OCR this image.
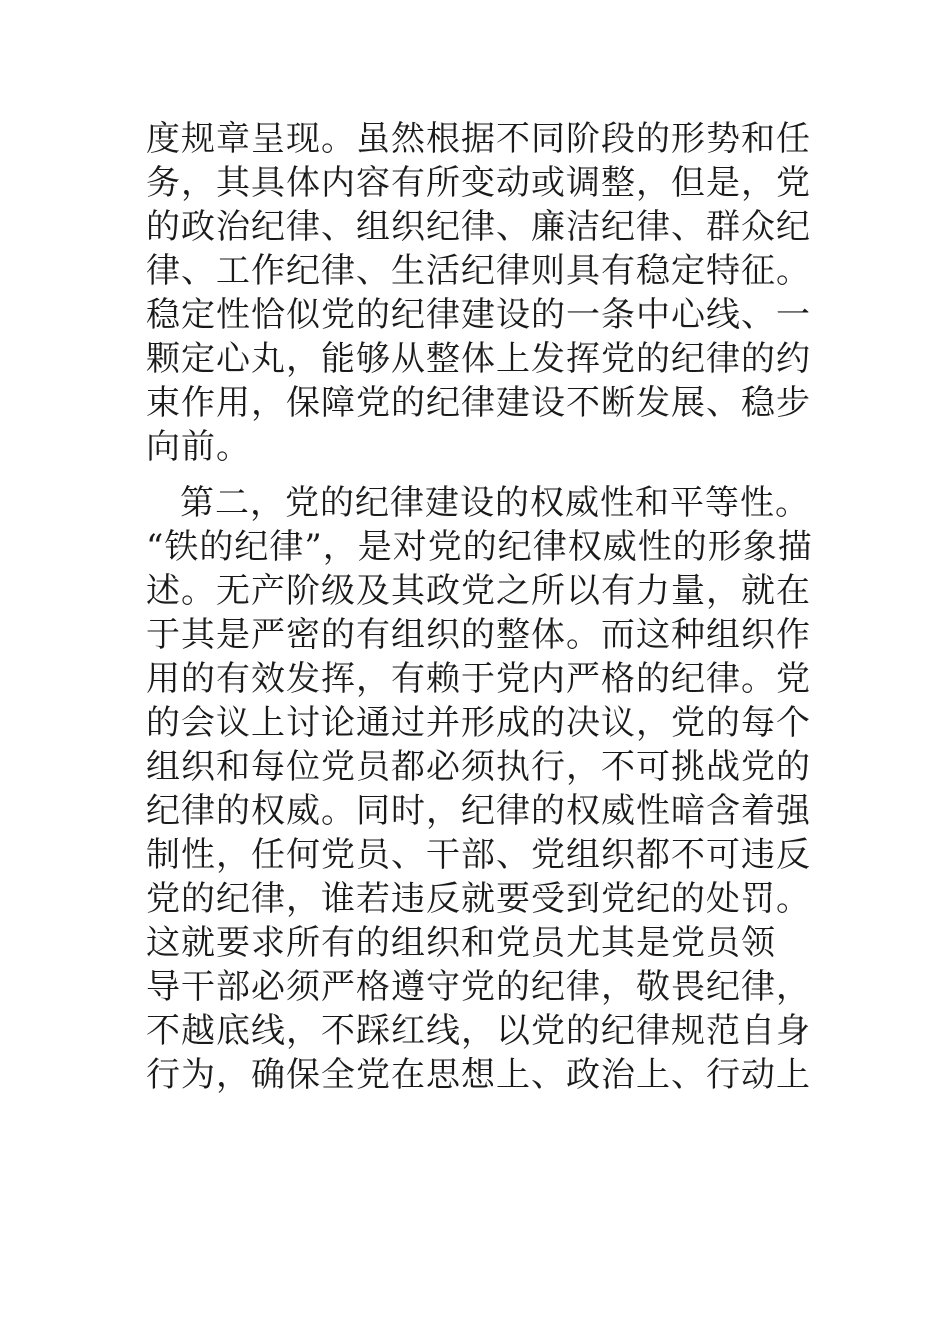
度规章呈现。虽然根据不同阶段的形势和任
务，其具体内容有所变动或调整，但是，党
的政治纪律、组织纪律、廉洁纪律、群众纪
律、工作纪律、生活纪律则具有稳定特征。
稳定性恰似党的纪律建设的一条中心线、一
颗定心丸，能够从整体上发挥党的纪律的约
束作用，保障党的纪律建设不断发展、稳步
向前。

第二，党的纪律建设的权威性和平等性。
“铁的纪律”，是对党的纪律权威性的形象描
述。无产阶级及其政党之所以有力量，就在
于其是严密的有组织的整体。而这种组织作
用的有效发挥，有赖于党内严格的纪律。党
的会议上讨论通过并形成的决议，党的每个
组织和每位党员都必须执行，不可挑战党的
纪律的权威。同时，纪律的权威性暗含着强
制性，任何党员、干部、党组织都不可违反
党的纪律，谁若违反就要受到党纪的处罚。
这就要求所有的组织和党员尤其是党员领
导干部必须严格遵守党的纪律，敬畏纪律，
不越底线，不踩红线，以党的纪律规范自身
行为，确保全党在思想上、政治上、行动上
